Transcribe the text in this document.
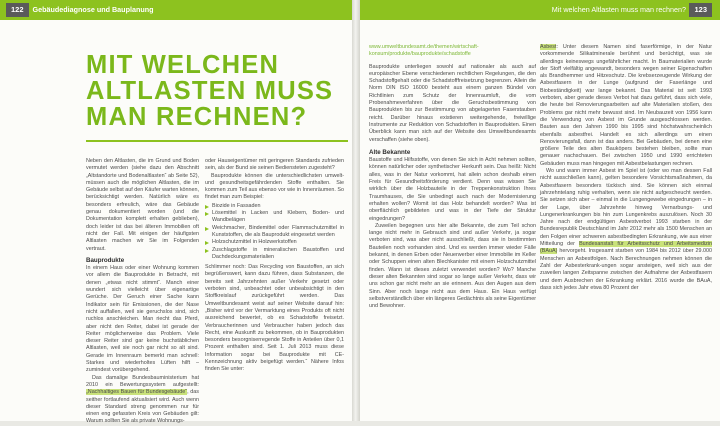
122 Gebäudediagnose und Bauplanung
MIT WELCHEN ALTLASTEN MUSS MAN RECHNEN?

Neben den Altlasten, die im Grund und Boden vermutet werden (siehe dazu den Abschnitt „Altstandorte und Bodenaltlasten“ ab Seite 52), müssen auch die möglichen Altlasten, die im Gebäude selbst auf den Käufer warten können, berücksichtigt werden. Natürlich wäre es besonders erfreulich, wäre das Gebäude genau dokumentiert worden (und die Dokumentation komplett erhalten geblieben), doch leider ist das bei älteren Immobilien oft nicht der Fall. Mit einigen der häufigsten Altlasten machen wir Sie im Folgenden vertraut.

Bauprodukte

In einem Haus oder einer Wohnung kommen vor allem die Bauprodukte in Betracht, mit denen „etwas nicht stimmt“. Manch einer wundert sich vielleicht über eigenartige Gerüche. Der Geruch einer Sache kann Indikator sein für Emissionen, die der Nase nicht auffallen, weil sie geruchslos sind, sich ruchlos anschleichen. Man riecht das Pferd, aber nicht den Reiter, dabei ist gerade der Reiter möglicherweise das Problem. Viele dieser Reiter sind gar keine buchstäblichen Altlasten, weil sie noch gar nicht so alt sind. Gerade im Innenraum bemerkt man schnell: Starkes und wiederholtes Lüften hilft – zumindest vorübergehend.

Das damalige Bundesbauministerium hat 2010 ein Bewertungssystem aufgestellt: „Nachhaltiges Bauen für Bundesgebäude“, das seither fortlaufend aktualisiert wird. Auch wenn dieser Standard streng genommen nur für einen eng gefassten Kreis von Gebäuden gilt: Warum sollten Sie als private Wohnungs-

oder Hauseigentümer mit geringeren Standards zufrieden sein, als der Bund sie seinen Bediensteten zugesteht?

Bauprodukte können die unterschiedlichsten umwelt- und gesundheitsgefährdenden Stoffe enthalten. Sie kommen zum Teil aus ebenso vor wie in Innenräumen. So findet man zum Beispiel:

Biozide in Fassaden
Lösemittel in Lacken und Klebern, Boden- und Wandbelägen
Weichmacher, Bindemittel oder Flammschutzmittel in Kunststoffen, die als Bauprodukt eingesetzt werden
Holzschutzmittel in Holzwerkstoffen
Zuschlagstoffe in mineralischen Baustoffen und Dachdeckungsmaterialien

Schlimmer noch: Das Recycling von Baustoffen, an sich begrüßenswert, kann dazu führen, dass Substanzen, die bereits seit Jahrzehnten außer Verkehr gesetzt oder verboten sind, unbeachtet oder unbeabsichtigt in den Stoffkreislauf zurückgeführt werden. Das Umweltbundesamt weist auf seiner Website darauf hin: „Bisher wird vor der Vermarktung eines Produkts oft nicht ausreichend bewertet, ob es Schadstoffe freisetzt. Verbraucherinnen und Verbraucher haben jedoch das Recht, eine Auskunft zu bekommen, ob in Bauprodukten besonders besorgniserregende Stoffe in Anteilen über 0,1 Prozent enthalten sind. Seit 1. Juli 2013 muss diese Information sogar bei Bauprodukte mit CE-Kennzeichnung aktiv beigefügt werden.“ Nähere Infos finden Sie unter:

Mit welchen Altlasten muss man rechnen?	123

www.umweltbundesamt.de/themen/wirtschaft-konsum/produkte/bauprodukte/schadstoffe

Bauprodukte unterliegen sowohl auf nationaler als auch auf europäischer Ebene verschiedenen rechtlichen Regelungen, die den Schadstoffgehalt oder die Schadstofffreisetzung begrenzen. Allein die Norm DIN ISO 16000 besteht aus einem ganzen Bündel von Richtlinien zum Schutz der Innenraumluft, die vom Probenahmeverfahren über die Geruchsbestimmung von Bauprodukten bis zur Bestimmung von abgelagerten Faserstauben reicht. Darüber hinaus existieren weitergehende, freiwillige Instrumente zur Reduktion von Schadstoffen in Bauprodukten. Einen Überblick kann man sich auf der Website des Umweltbundesamts verschaffen (siehe oben).

Alte Bekannte

Baustoffe und Hilfsstoffe, von denen Sie sich in Acht nehmen sollten, können natürlicher oder synthetischer Herkunft sein. Das heißt: Nicht alles, was in der Natur vorkommt, hat allein schon deshalb einen Freis für Gesundheitsförderung verdient. Denn was wissen Sie wirklich über die Holzbauteile in der Treppenkonstruktion Ihres Traumhauses, die Sie unbedingt auch nach der Modernisierung erhalten wollen? Womit ist das Holz behandelt worden? Was ist oberflächlich gebildeten und was in der Tiefe der Struktur eingedrungen?

Zuweilen begegnen uns hier alte Bekannte, die zum Teil schon lange nicht mehr in Gebrauch sind und außer Verkehr, ja sogar verboten sind, was aber nicht ausschließt, dass sie in bestimmten Bauteilen noch vorhanden sind. Und es werden immer wieder Fälle bekannt, in denen Erben oder Neuerwerber einer Immobilie im Keller oder Schuppen einen alten Blechkanister mit einem Holzschutzmittel finden. Wann ist dieses zuletzt verwendet worden? Wo? Manche dieser alten Bekannten sind sogar so lange außer Verkehr, dass wir uns schon gar nicht mehr an sie erinnern. Aus den Augen aus dem Sinn. Aber noch lange nicht aus dem Haus. Ein Haus verfügt selbstverständlich über ein längeres Gedächtnis als seine Eigentümer und Bewohner.

Asbest: Unter diesem Namen sind faserförmige, in der Natur vorkommende Silikatminerale berühmt und berüchtigt, was sie allerdings keineswegs ungefährlicher macht. In Baumaterialien wurde der Stoff vielfältig angewandt, besonders wegen seiner Eigenschaften als Brandhemmer und Hitzeschutz. Die krebserzeugende Wirkung der Asbestfasern in der Lunge (aufgrund der Faserlänge und Biobeständigkeit) war lange bekannt. Das Material ist seit 1993 verboten, aber gerade dieses Verbot hat dazu geführt, dass sich viele, die heute bei Renovierungsarbeiten auf alte Materialien stoßen, des Problems gar nicht mehr bewusst sind. Im Neubauzeit von 1956 kann die Verwendung von Asbest im Grunde ausgeschlossen werden. Bauten aus den Jahren 1990 bis 1995 sind höchstwahrscheinlich ebenfalls asbestfrei. Handelt es sich allerdings um einen Renovierungsfall, dann ist das anders. Bei Gebäuden, bei denen eine größere Teile des alten Bauköpers bestehen bleiben, sollte man genauer nachschauen. Bei zwischen 1950 und 1990 errichteten Gebäuden muss man hingegen mit Asbestbelastungen rechnen.

Wo und wann immer Asbest im Spiel ist (oder wo man dessen Fall nicht ausschließen kann), gelten besondere Vorsichtsmaßnahmen, da Asbestfasern besonders tückisch sind. Sie können sich einmal jahrzehntelang ruhig verhalten, wenn sie nicht aufgescheucht werden. Sie setzen sich aber – einmal in die Lungengewebe eingedrungen – in der Lage, über Jahrzehnte hinweg Vernarbungs- und Lungenerkrankungen bis hin zum Lungenkrebs auszulösen. Noch 30 Jahre nach der endgültigen Asbestverbot 1993 starben in der Bundesrepublik Deutschland im Jahr 2012 mehr als 1500 Menschen an den Folgen einer schweren asbestbedingten Erkrankung, wie aus einer Mitteilung der Bundesanstalt für Arbeitsschutz und Arbeitsmedizin (BAuA) hervorgeht. Insgesamt starben von 1984 bis 2012 über 29.000 Menschen an Asbestfolgen. Nach Berechnungen nehmen können die Zahl der Asbesterkrank-ungen sogar ansteigen, weil sich aus der zuweilen langen Zeitspanne zwischen der Aufnahme der Asbestfasern und dem Ausbrechen der Erkrankung erklärt. 2016 wurde die BAuA, dass sich jedes Jahr etwa 80 Prozent der
